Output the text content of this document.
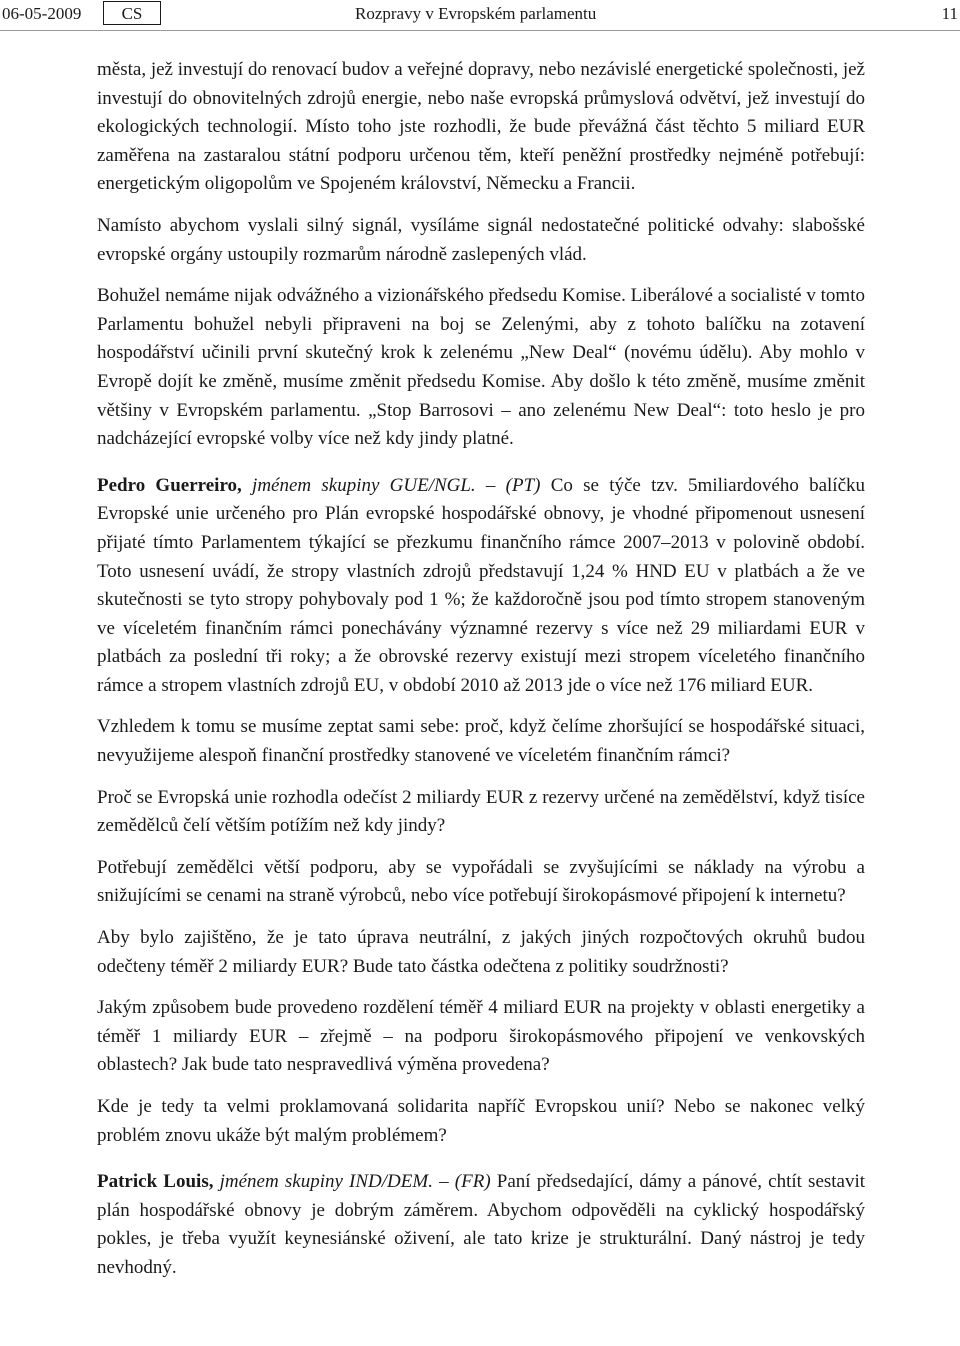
06-05-2009	CS	Rozpravy v Evropském parlamentu	11

města, jež investují do renovací budov a veřejné dopravy, nebo nezávislé energetické společnosti, jež investují do obnovitelných zdrojů energie, nebo naše evropská průmyslová odvětví, jež investují do ekologických technologií. Místo toho jste rozhodli, že bude převážná část těchto 5 miliard EUR zaměřena na zastaralou státní podporu určenou těm, kteří peněžní prostředky nejméně potřebují: energetickým oligopolům ve Spojeném království, Německu a Francii.

Namísto abychom vyslali silný signál, vysíláme signál nedostatečné politické odvahy: slabošské evropské orgány ustoupily rozmarům národně zaslepených vlád.

Bohužel nemáme nijak odvážného a vizionářského předsedu Komise. Liberálové a socialisté v tomto Parlamentu bohužel nebyli připraveni na boj se Zelenými, aby z tohoto balíčku na zotavení hospodářství učinili první skutečný krok k zelenému „New Deal“ (novému údělu). Aby mohlo v Evropě dojít ke změně, musíme změnit předsedu Komise. Aby došlo k této změně, musíme změnit většiny v Evropském parlamentu. „Stop Barrosovi – ano zelenému New Deal“: toto heslo je pro nadcházející evropské volby více než kdy jindy platné.

Pedro Guerreiro, jménem skupiny GUE/NGL. – (PT) Co se týče tzv. 5miliardového balíčku Evropské unie určeného pro Plán evropské hospodářské obnovy, je vhodné připomenout usnesení přijaté tímto Parlamentem týkající se přezkumu finančního rámce 2007–2013 v polovině období. Toto usnesení uvádí, že stropy vlastních zdrojů představují 1,24 % HND EU v platbách a že ve skutečnosti se tyto stropy pohybovaly pod 1 %; že každoročně jsou pod tímto stropem stanoveným ve víceletém finančním rámci ponechávány významné rezervy s více než 29 miliardami EUR v platbách za poslední tři roky; a že obrovské rezervy existují mezi stropem víceletého finančního rámce a stropem vlastních zdrojů EU, v období 2010 až 2013 jde o více než 176 miliard EUR.

Vzhledem k tomu se musíme zeptat sami sebe: proč, když čelíme zhoršující se hospodářské situaci, nevyužijeme alespoň finanční prostředky stanovené ve víceletém finančním rámci?

Proč se Evropská unie rozhodla odečíst 2 miliardy EUR z rezervy určené na zemědělství, když tisíce zemědělců čelí větším potížím než kdy jindy?

Potřebují zemědělci větší podporu, aby se vypořádali se zvyšujícími se náklady na výrobu a snižujícími se cenami na straně výrobců, nebo více potřebují širokopásmové připojení k internetu?

Aby bylo zajištěno, že je tato úprava neutrální, z jakých jiných rozpočtových okruhů budou odečteny téměř 2 miliardy EUR? Bude tato částka odečtena z politiky soudržnosti?

Jakým způsobem bude provedeno rozdělení téměř 4 miliard EUR na projekty v oblasti energetiky a téměř 1 miliardy EUR – zřejmě – na podporu širokopásmového připojení ve venkovských oblastech? Jak bude tato nespravedlivá výměna provedena?

Kde je tedy ta velmi proklamovaná solidarita napříč Evropskou unií? Nebo se nakonec velký problém znovu ukáže být malým problémem?

Patrick Louis, jménem skupiny IND/DEM. – (FR) Paní předsedající, dámy a pánové, chtít sestavit plán hospodářské obnovy je dobrým záměrem. Abychom odpověděli na cyklický hospodářský pokles, je třeba využít keynesiánské oživení, ale tato krize je strukturální. Daný nástroj je tedy nevhodný.
